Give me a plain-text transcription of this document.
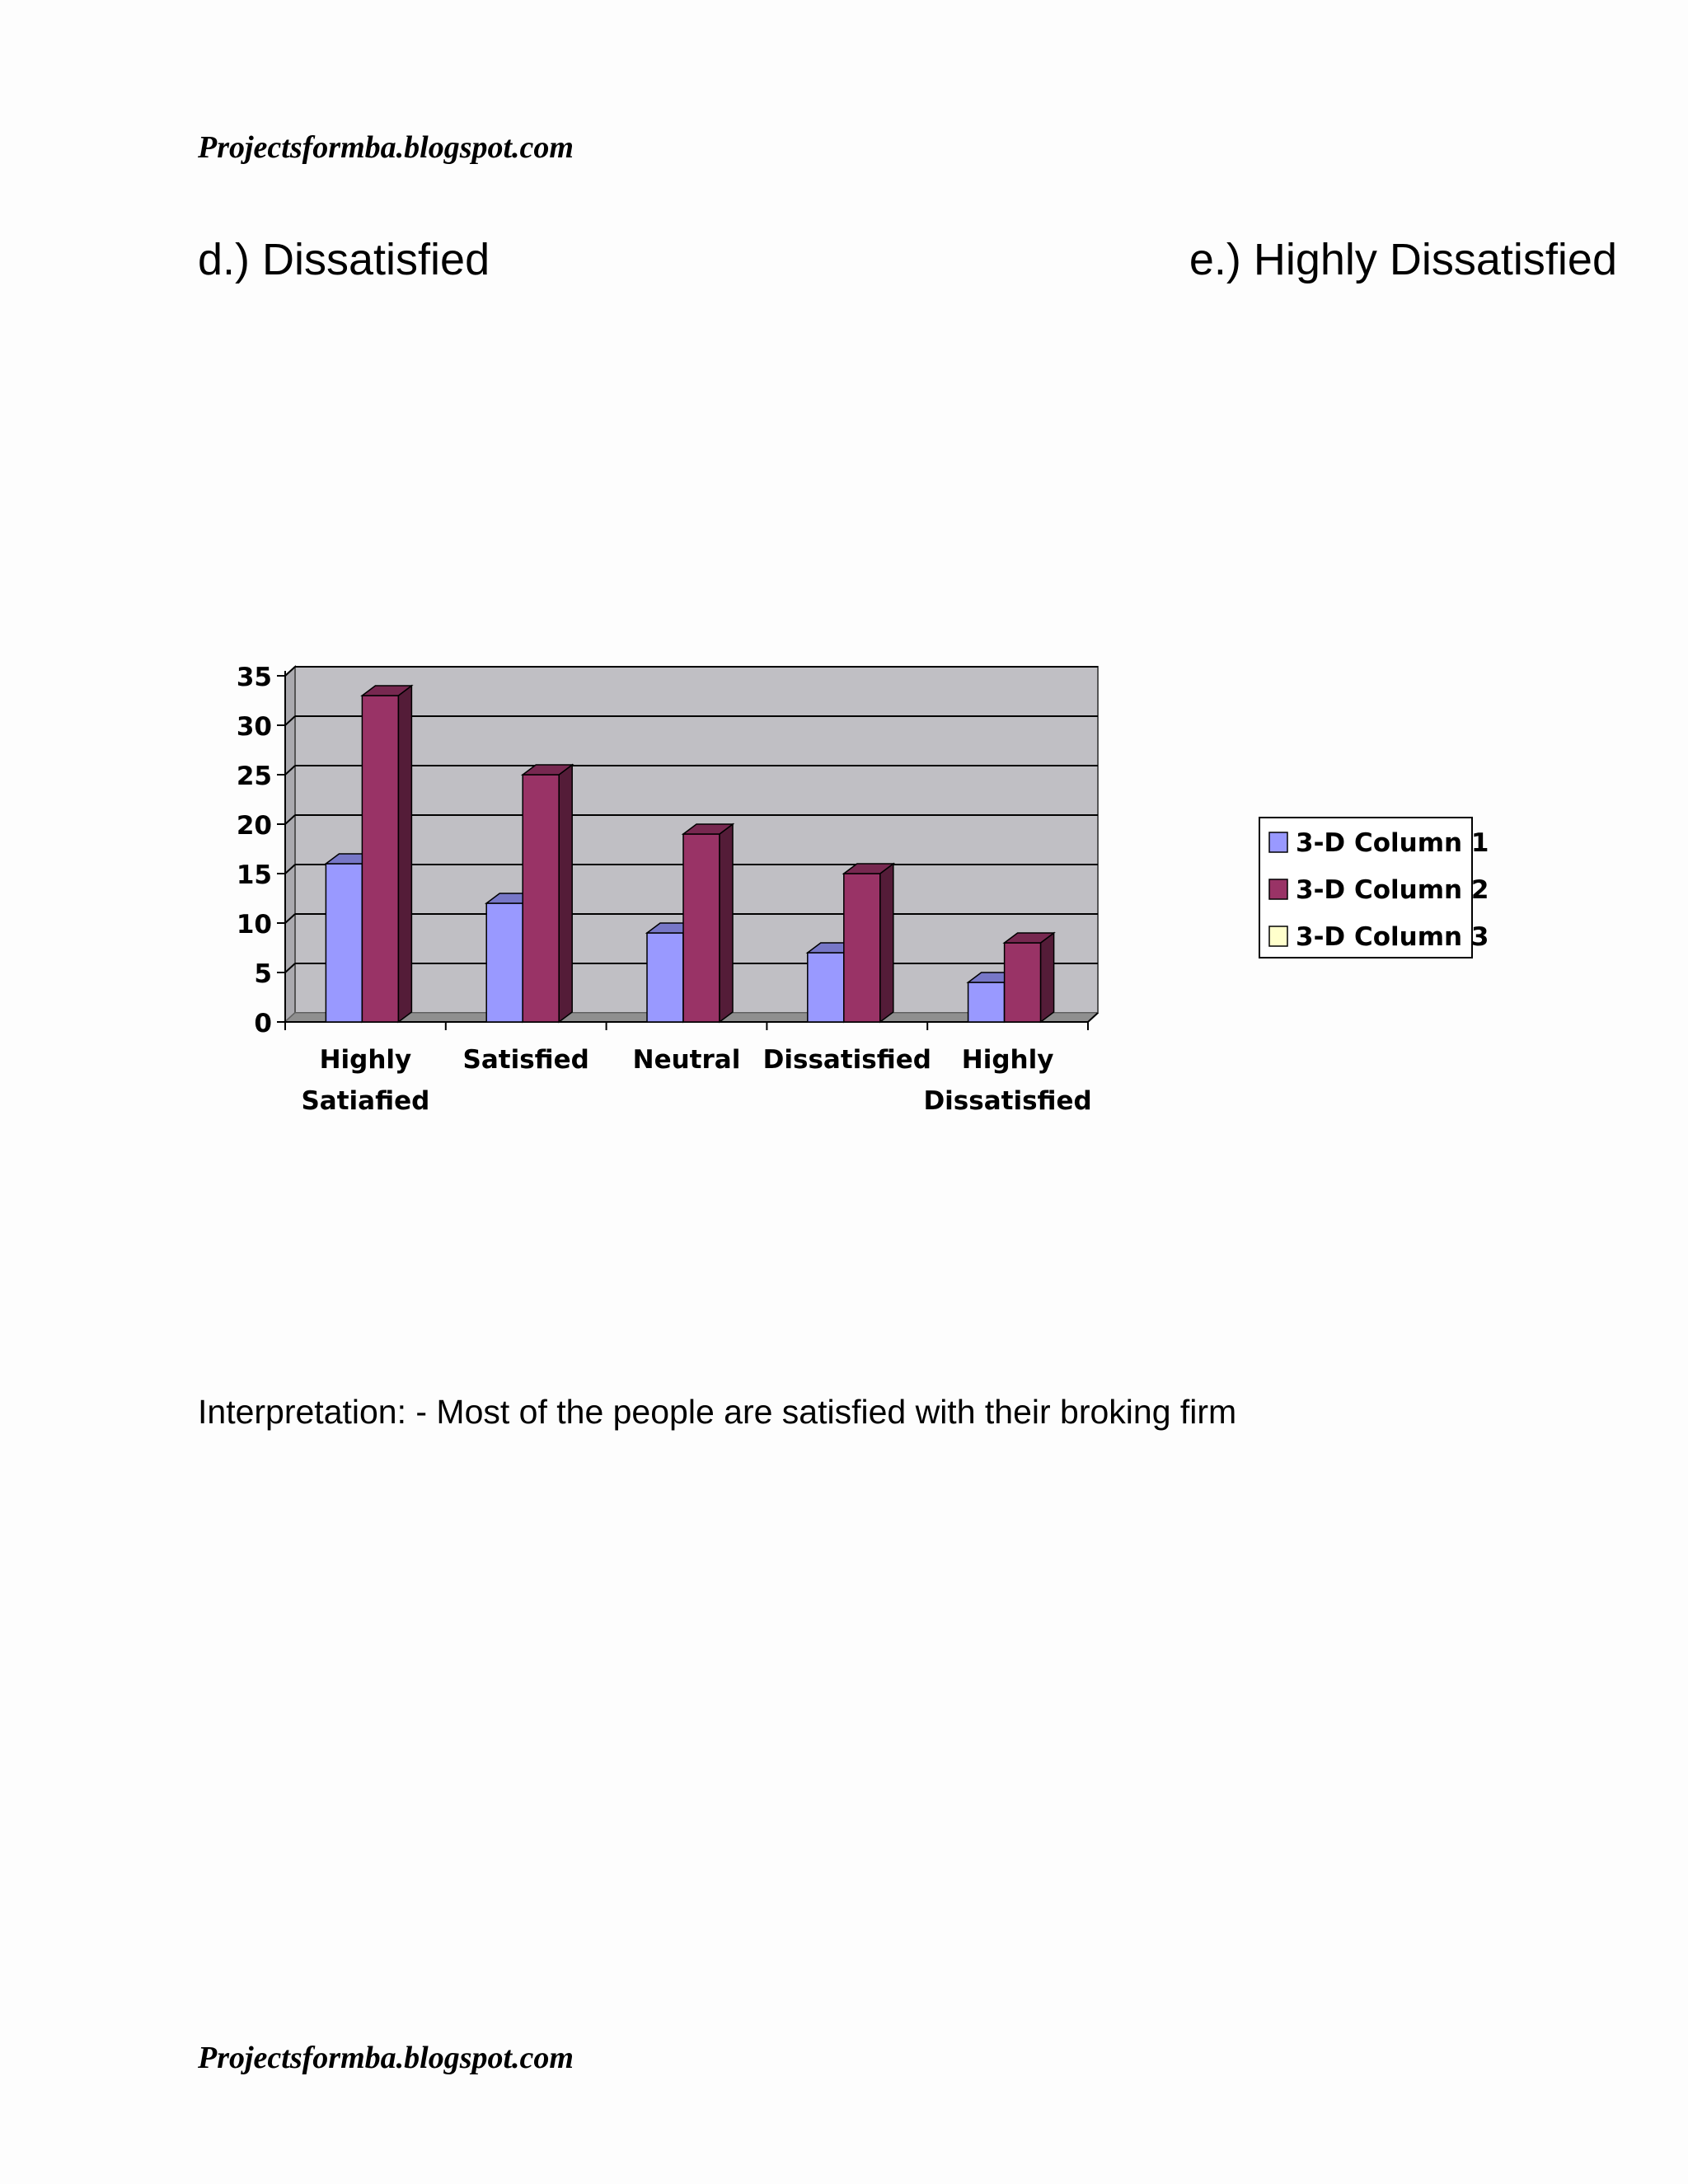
Projectsformba.blogspot.com
d.) Dissatisfied	e.) Highly Dissatisfied
0
5
10
15
20
25
30
35
Highly
Satiafied
Satisfied Neutral Dissatisfied Highly
Dissatisfied
3-D Column 1
3-D Column 2
3-D Column 3
Interpretation: - Most of the people are satisfied with their broking firm
Projectsformba.blogspot.com
